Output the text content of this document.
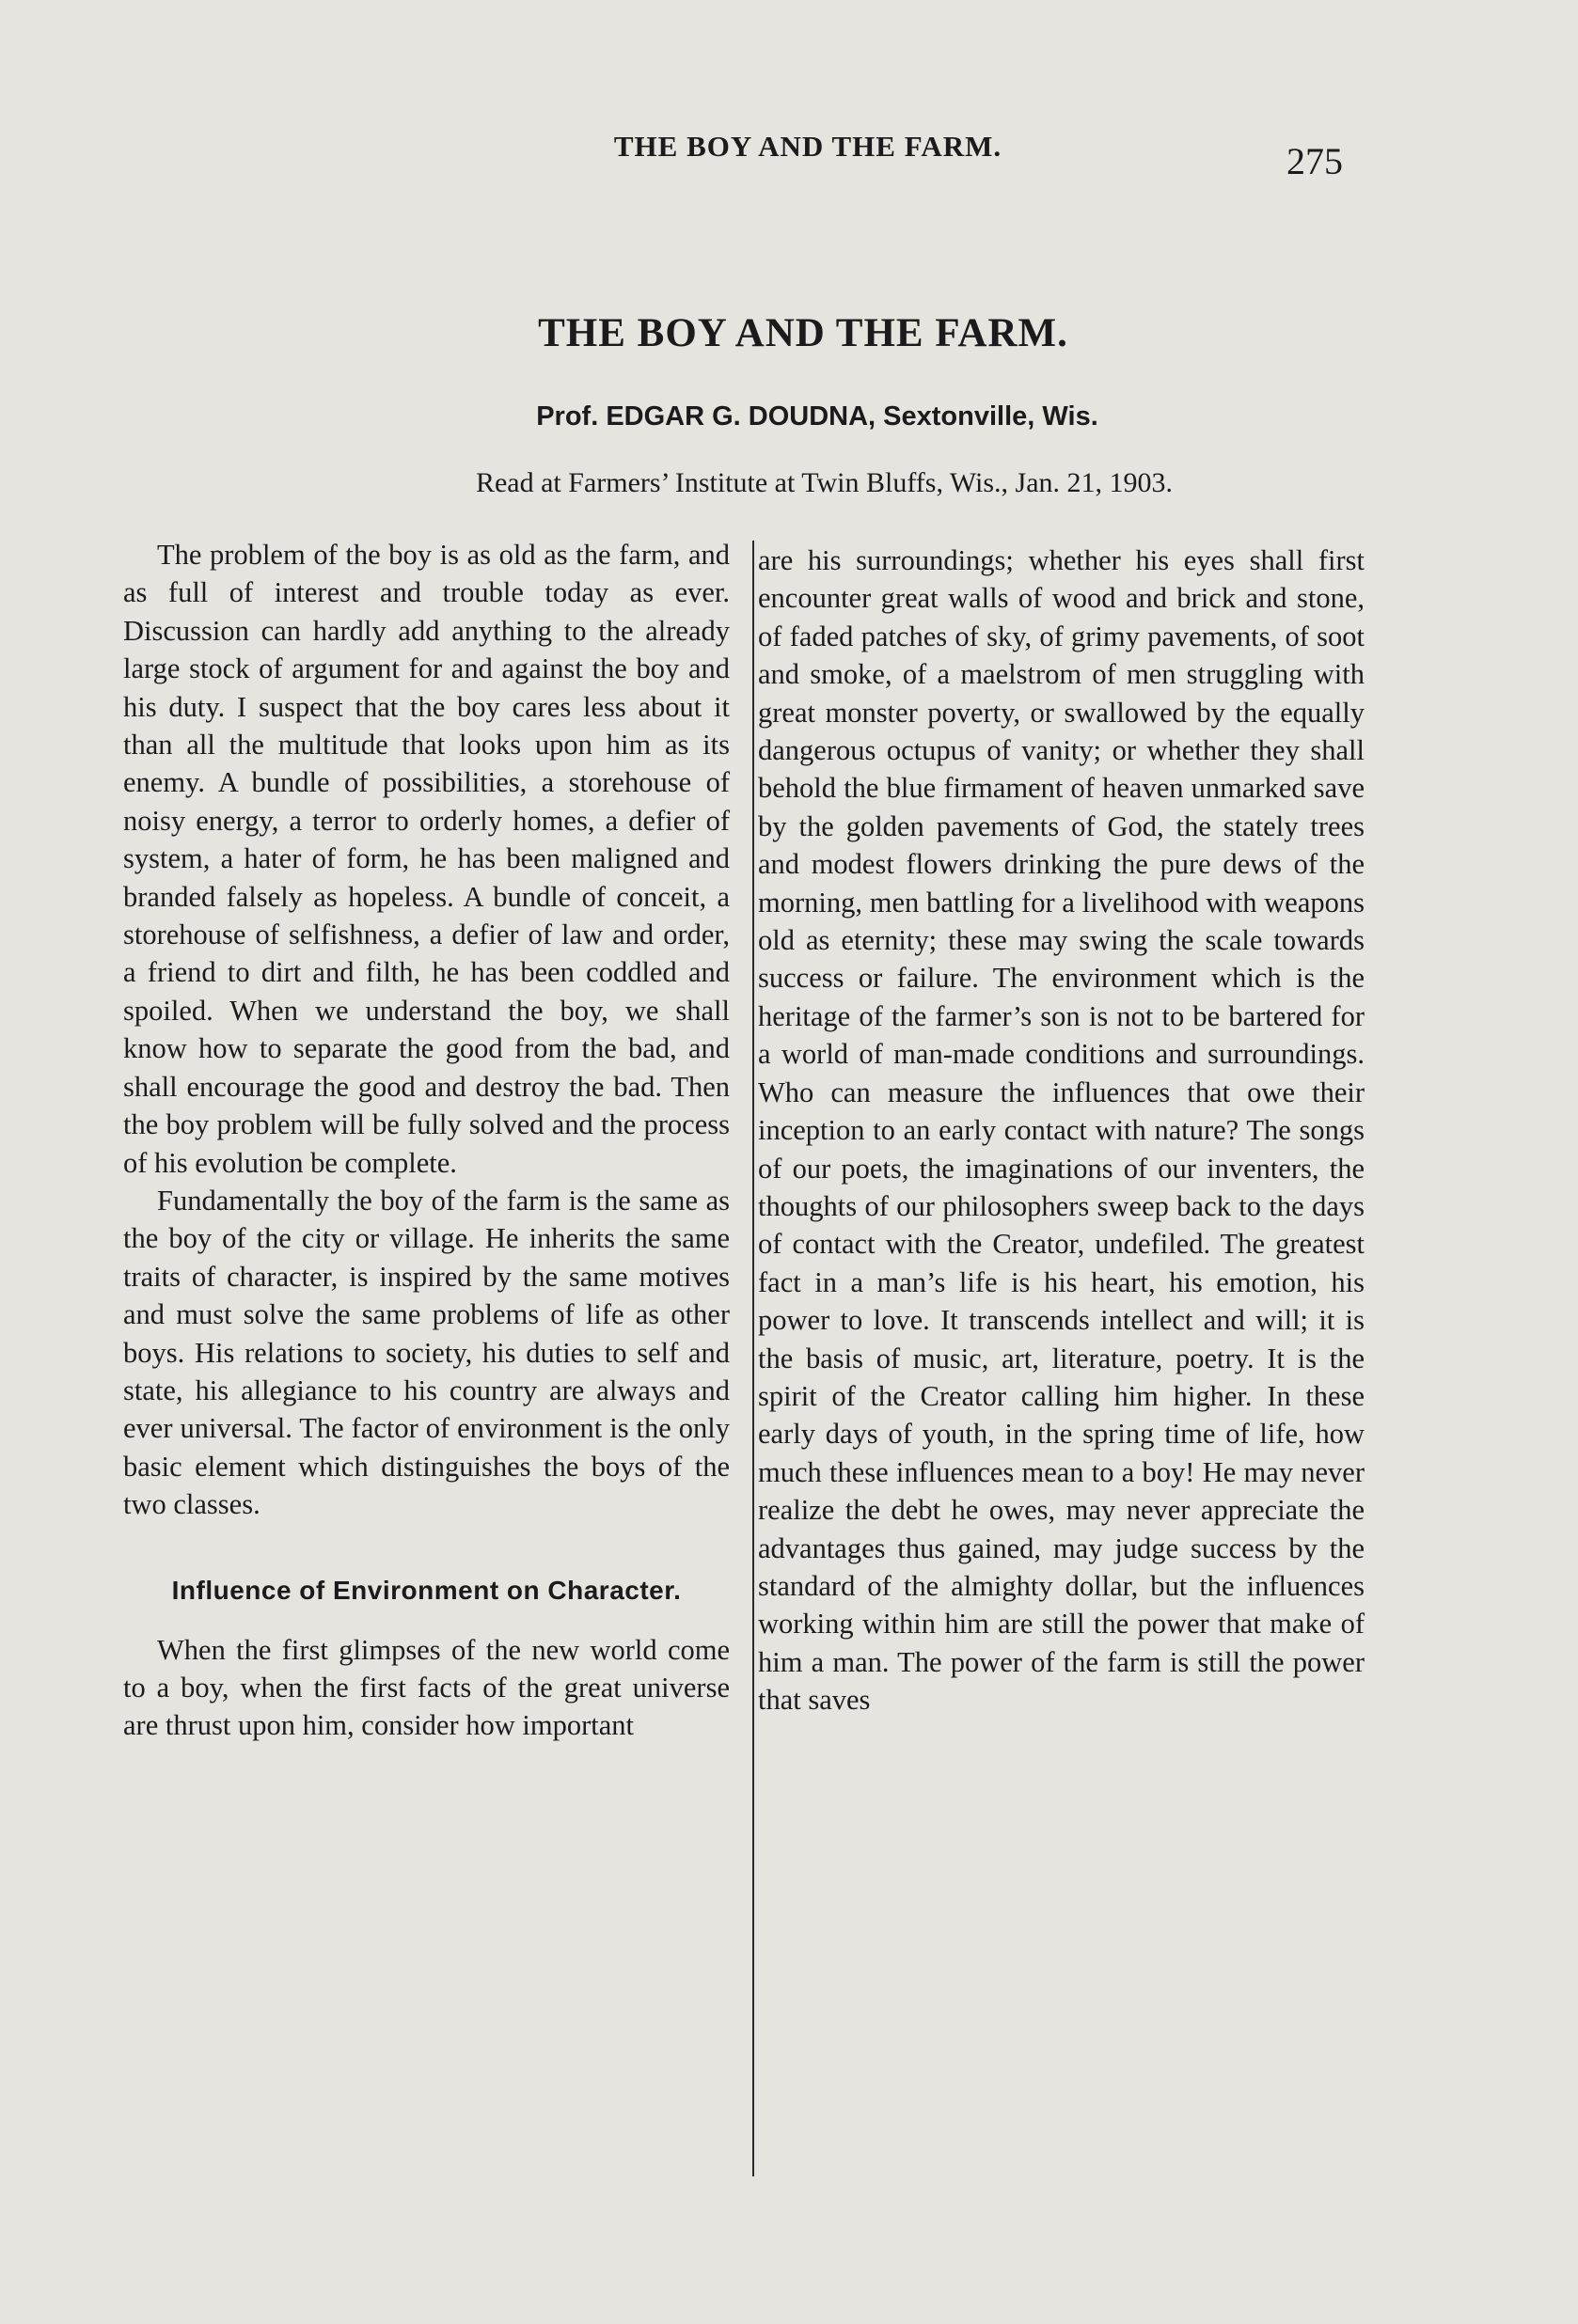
THE BOY AND THE FARM.	275
THE BOY AND THE FARM.
Prof. EDGAR G. DOUDNA, Sextonville, Wis.
Read at Farmers’ Institute at Twin Bluffs, Wis., Jan. 21, 1903.

The problem of the boy is as old as the farm, and as full of interest and trouble today as ever. Discussion can hardly add anything to the already large stock of argument for and against the boy and his duty. I suspect that the boy cares less about it than all the multitude that looks upon him as its enemy. A bundle of possibilities, a storehouse of noisy energy, a terror to orderly homes, a defier of system, a hater of form, he has been maligned and branded falsely as hopeless. A bundle of conceit, a storehouse of selfishness, a defier of law and order, a friend to dirt and filth, he has been coddled and spoiled. When we understand the boy, we shall know how to separate the good from the bad, and shall encourage the good and destroy the bad. Then the boy problem will be fully solved and the process of his evolution be complete.

Fundamentally the boy of the farm is the same as the boy of the city or village. He inherits the same traits of character, is inspired by the same motives and must solve the same problems of life as other boys. His relations to society, his duties to self and state, his allegiance to his country are always and ever universal. The factor of environment is the only basic element which distinguishes the boys of the two classes.

Influence of Environment on Character.

When the first glimpses of the new world come to a boy, when the first facts of the great universe are thrust upon him, consider how important

are his surroundings; whether his eyes shall first encounter great walls of wood and brick and stone, of faded patches of sky, of grimy pavements, of soot and smoke, of a maelstrom of men struggling with great monster poverty, or swallowed by the equally dangerous octupus of vanity; or whether they shall behold the blue firmament of heaven unmarked save by the golden pavements of God, the stately trees and modest flowers drinking the pure dews of the morning, men battling for a livelihood with weapons old as eternity; these may swing the scale towards success or failure. The environment which is the heritage of the farmer’s son is not to be bartered for a world of man-made conditions and surroundings. Who can measure the influences that owe their inception to an early contact with nature? The songs of our poets, the imaginations of our inventers, the thoughts of our philosophers sweep back to the days of contact with the Creator, undefiled. The greatest fact in a man’s life is his heart, his emotion, his power to love. It transcends intellect and will; it is the basis of music, art, literature, poetry. It is the spirit of the Creator calling him higher. In these early days of youth, in the spring time of life, how much these influences mean to a boy! He may never realize the debt he owes, may never appreciate the advantages thus gained, may judge success by the standard of the almighty dollar, but the influences working within him are still the power that make of him a man. The power of the farm is still the power that saves
